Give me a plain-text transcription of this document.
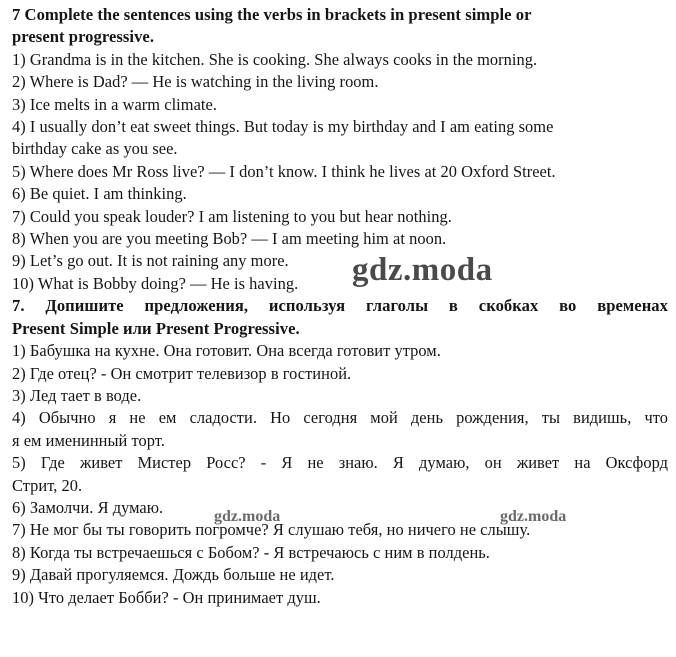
7 Complete the sentences using the verbs in brackets in present simple or
present progressive.
1) Grandma is in the kitchen. She is cooking. She always cooks in the morning.
2) Where is Dad? — He is watching in the living room.
3) Ice melts in a warm climate.
4) I usually don’t eat sweet things. But today is my birthday and I am eating some
birthday cake as you see.
5) Where does Mr Ross live? — I don’t know. I think he lives at 20 Oxford Street.
6) Be quiet. I am thinking.
7) Could you speak louder? I am listening to you but hear nothing.
8) When you are you meeting Bob? — I am meeting him at noon.
9) Let’s go out. It is not raining any more.
10) What is Bobby doing? — He is having.
7. Допишите предложения, используя глаголы в скобках во временах
Present Simple или Present Progressive.
1) Бабушка на кухне. Она готовит. Она всегда готовит утром.
2) Где отец? - Он смотрит телевизор в гостиной.
3) Лед тает в воде.
4) Обычно я не ем сладости. Но сегодня мой день рождения, ты видишь, что
я ем именинный торт.
5) Где живет Мистер Росс? - Я не знаю. Я думаю, он живет на Оксфорд
Стрит, 20.
6) Замолчи. Я думаю.
7) Не мог бы ты говорить погромче? Я слушаю тебя, но ничего не слышу.
8) Когда ты встречаешься с Бобом? - Я встречаюсь с ним в полдень.
9) Давай прогуляемся. Дождь больше не идет.
10) Что делает Бобби? - Он принимает душ.
gdz.moda
gdz.moda	gdz.moda
